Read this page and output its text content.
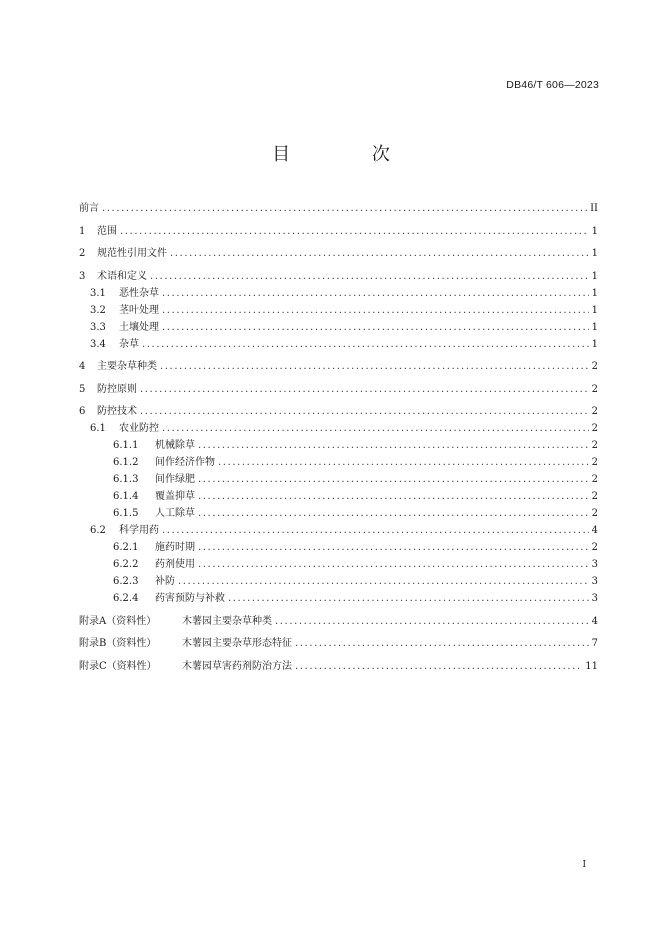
DB46/T 606—2023
目 次
前言 .....	II
1	范围 .....	1
2	规范性引用文件 .....	1
3	术语和定义 .....	1
3.1	恶性杂草 .....	1
3.2	茎叶处理 .....	1
3.3	土壤处理 .....	1
3.4	杂草 .....	1
4	主要杂草种类 .....	2
5	防控原则 .....	2
6	防控技术 .....	2
6.1	农业防控 .....	2
6.1.1	机械除草 .....	2
6.1.2	间作经济作物 .....	2
6.1.3	间作绿肥 .....	2
6.1.4	覆盖抑草 .....	2
6.1.5	人工除草 .....	2
6.2	科学用药 .....	4
6.2.1	施药时期 .....	2
6.2.2	药剂使用 .....	3
6.2.3	补防 .....	3
6.2.4	药害预防与补救 .....	3
附录A（资料性）	木薯园主要杂草种类 .....	4
附录B（资料性）	木薯园主要杂草形态特征 .....	7
附录C（资料性）	木薯园草害药剂防治方法 .....	11
I
